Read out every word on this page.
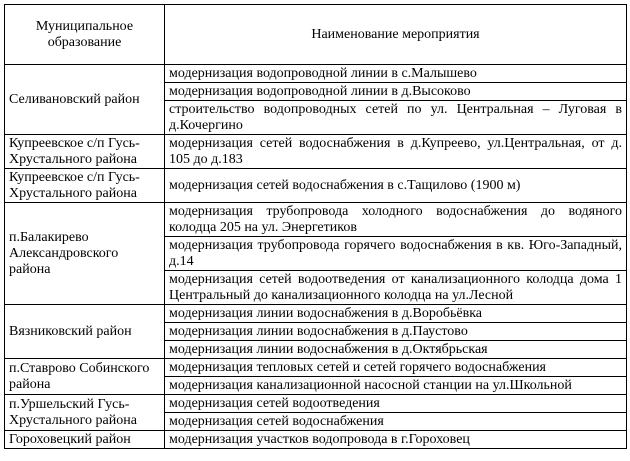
Муниципальное образование	Наименование мероприятия
Селивановский район	модернизация водопроводной линии в с.Малышево
	модернизация водопроводной линии в д.Высоково
	строительство водопроводных сетей по ул. Центральная – Луговая в д.Кочергино
Купреевское с/п Гусь-Хрустального района	модернизация сетей водоснабжения в д.Купреево, ул.Центральная, от д. 105 до д.183
Купреевское с/п Гусь-Хрустального района	модернизация сетей водоснабжения в с.Тащилово (1900 м)
п.Балакирево Александровского района	модернизация трубопровода холодного водоснабжения до водяного колодца 205 на ул. Энергетиков
	модернизация трубопровода горячего водоснабжения в кв. Юго-Западный, д.14
	модернизация сетей водоотведения от канализационного колодца дома 1 Центральный до канализационного колодца на ул.Лесной
Вязниковский район	модернизация линии водоснабжения в д.Воробьёвка
	модернизация линии водоснабжения в д.Паустово
	модернизация линии водоснабжения в д.Октябрьская
п.Ставрово Собинского района	модернизация тепловых сетей и сетей горячего водоснабжения
	модернизация канализационной насосной станции на ул.Школьной
п.Уршельский Гусь-Хрустального района	модернизация сетей водоотведения
	модернизация сетей водоснабжения
Гороховецкий район	модернизация участков водопровода в г.Гороховец
